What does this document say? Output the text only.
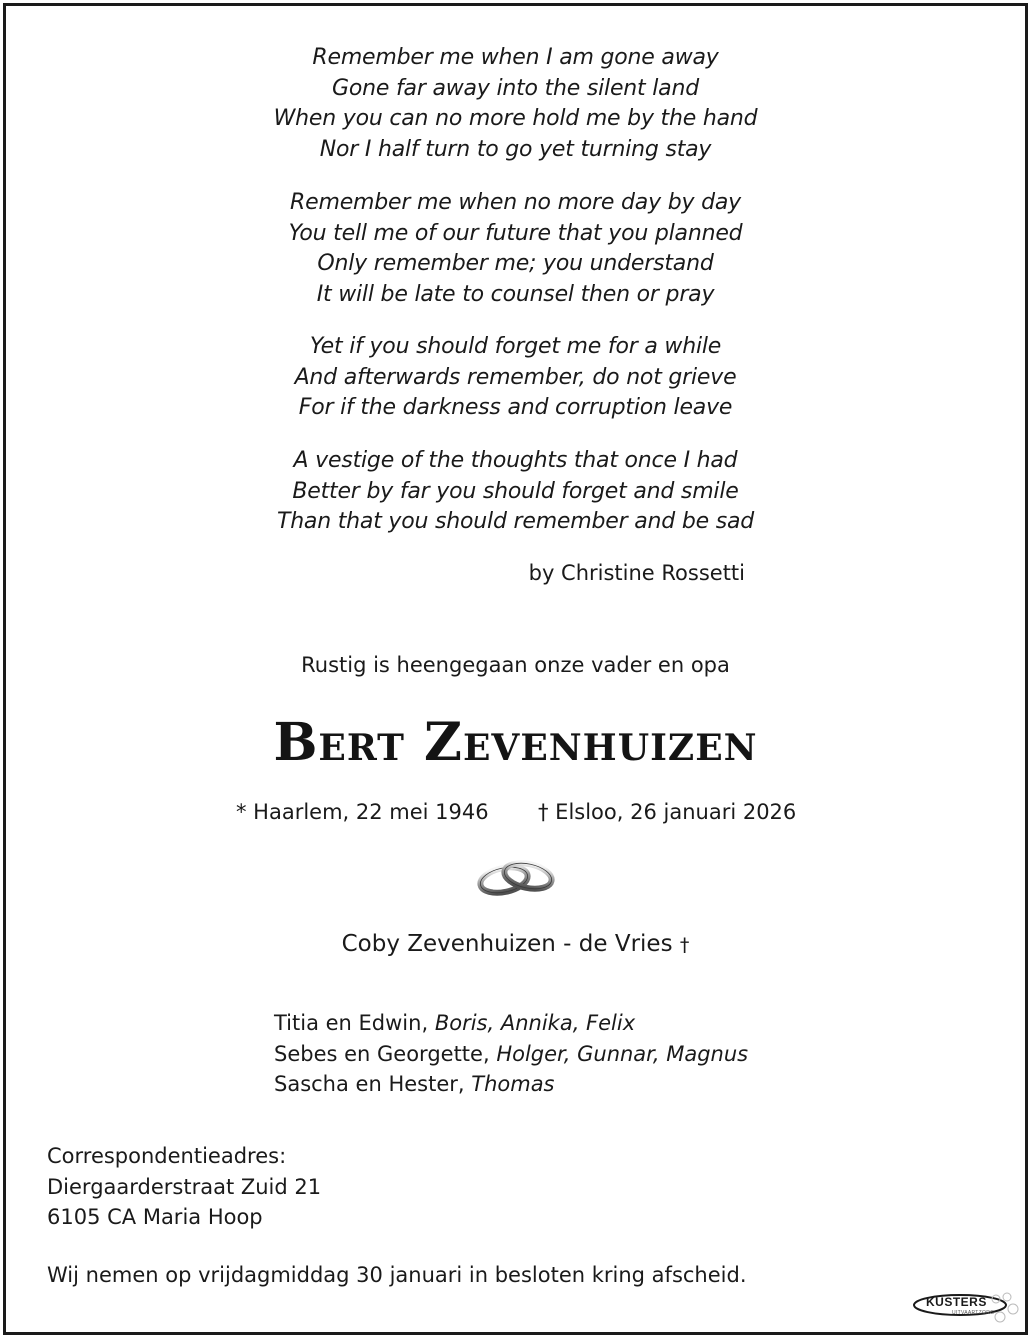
Remember me when I am gone away
Gone far away into the silent land
When you can no more hold me by the hand
Nor I half turn to go yet turning stay
Remember me when no more day by day
You tell me of our future that you planned
Only remember me; you understand
It will be late to counsel then or pray
Yet if you should forget me for a while
And afterwards remember, do not grieve
For if the darkness and corruption leave
A vestige of the thoughts that once I had
Better by far you should forget and smile
Than that you should remember and be sad
by Christine Rossetti
Rustig is heengegaan onze vader en opa
Bert Zevenhuizen
* Haarlem, 22 mei 1946 † Elsloo, 26 januari 2026
Coby Zevenhuizen - de Vries †
Titia en Edwin, Boris, Annika, Felix
Sebes en Georgette, Holger, Gunnar, Magnus
Sascha en Hester, Thomas
Correspondentieadres:
Diergaarderstraat Zuid 21
6105 CA Maria Hoop
Wij nemen op vrijdagmiddag 30 januari in besloten kring afscheid.
KUSTERS
UITVAARTZORG
